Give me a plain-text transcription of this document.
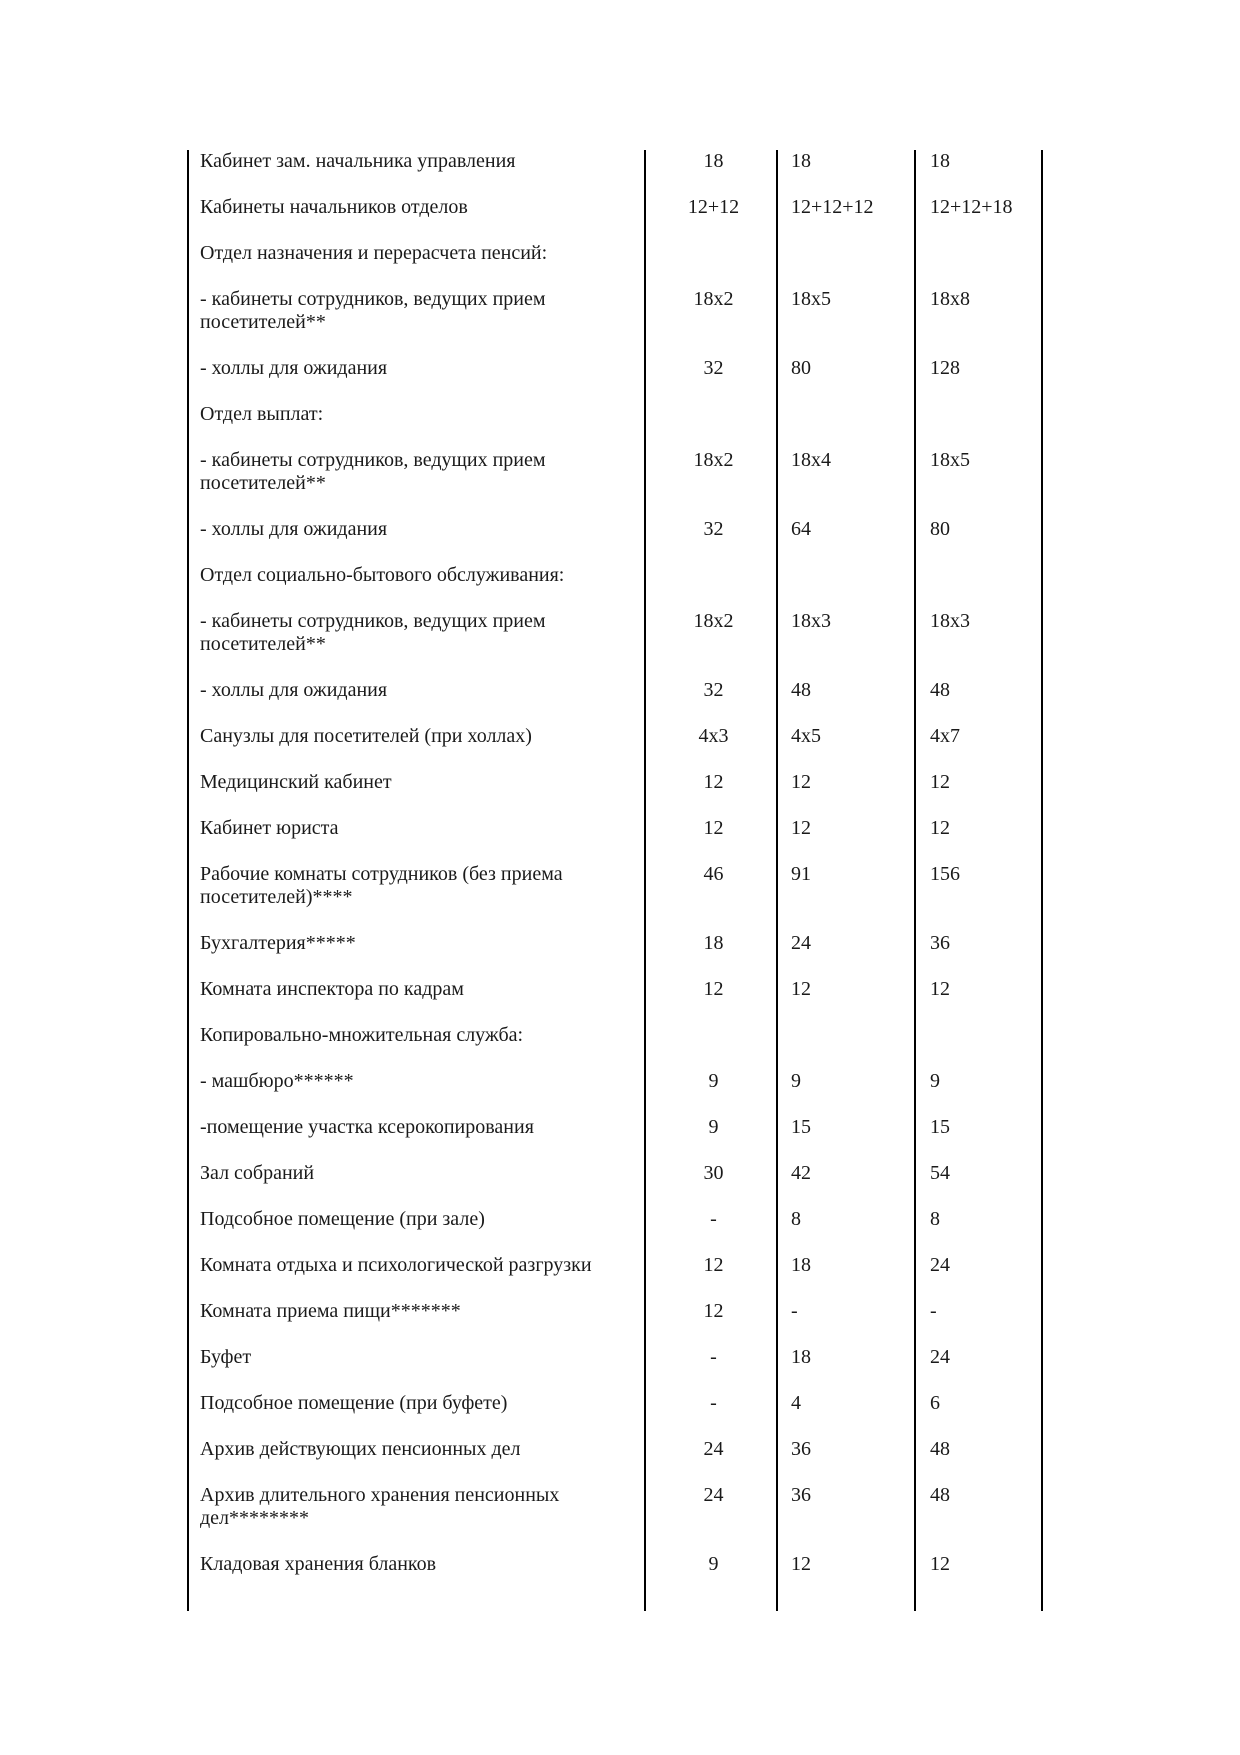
Кабинет зам. начальника управления	18	18	18

Кабинеты начальников отделов	12+12	12+12+12	12+12+18

Отдел назначения и перерасчета пенсий:			

- кабинеты сотрудников, ведущих прием посетителей**	18x2	18x5	18x8

- холлы для ожидания	32	80	128

Отдел выплат:			

- кабинеты сотрудников, ведущих прием посетителей**	18x2	18x4	18x5

- холлы для ожидания	32	64	80

Отдел социально-бытового обслуживания:			

- кабинеты сотрудников, ведущих прием посетителей**	18x2	18x3	18x3

- холлы для ожидания	32	48	48

Санузлы для посетителей (при холлах)	4x3	4x5	4x7

Медицинский кабинет	12	12	12

Кабинет юриста	12	12	12

Рабочие комнаты сотрудников (без приема посетителей)****	46	91	156

Бухгалтерия*****	18	24	36

Комната инспектора по кадрам	12	12	12

Копировально-множительная служба:			

- машбюро******	9	9	9

-помещение участка ксерокопирования	9	15	15

Зал собраний	30	42	54

Подсобное помещение (при зале)	-	8	8

Комната отдыха и психологической разгрузки	12	18	24

Комната приема пищи*******	12	-	-

Буфет	-	18	24

Подсобное помещение (при буфете)	-	4	6

Архив действующих пенсионных дел	24	36	48

Архив длительного хранения пенсионных дел********	24	36	48

Кладовая хранения бланков	9	12	12
